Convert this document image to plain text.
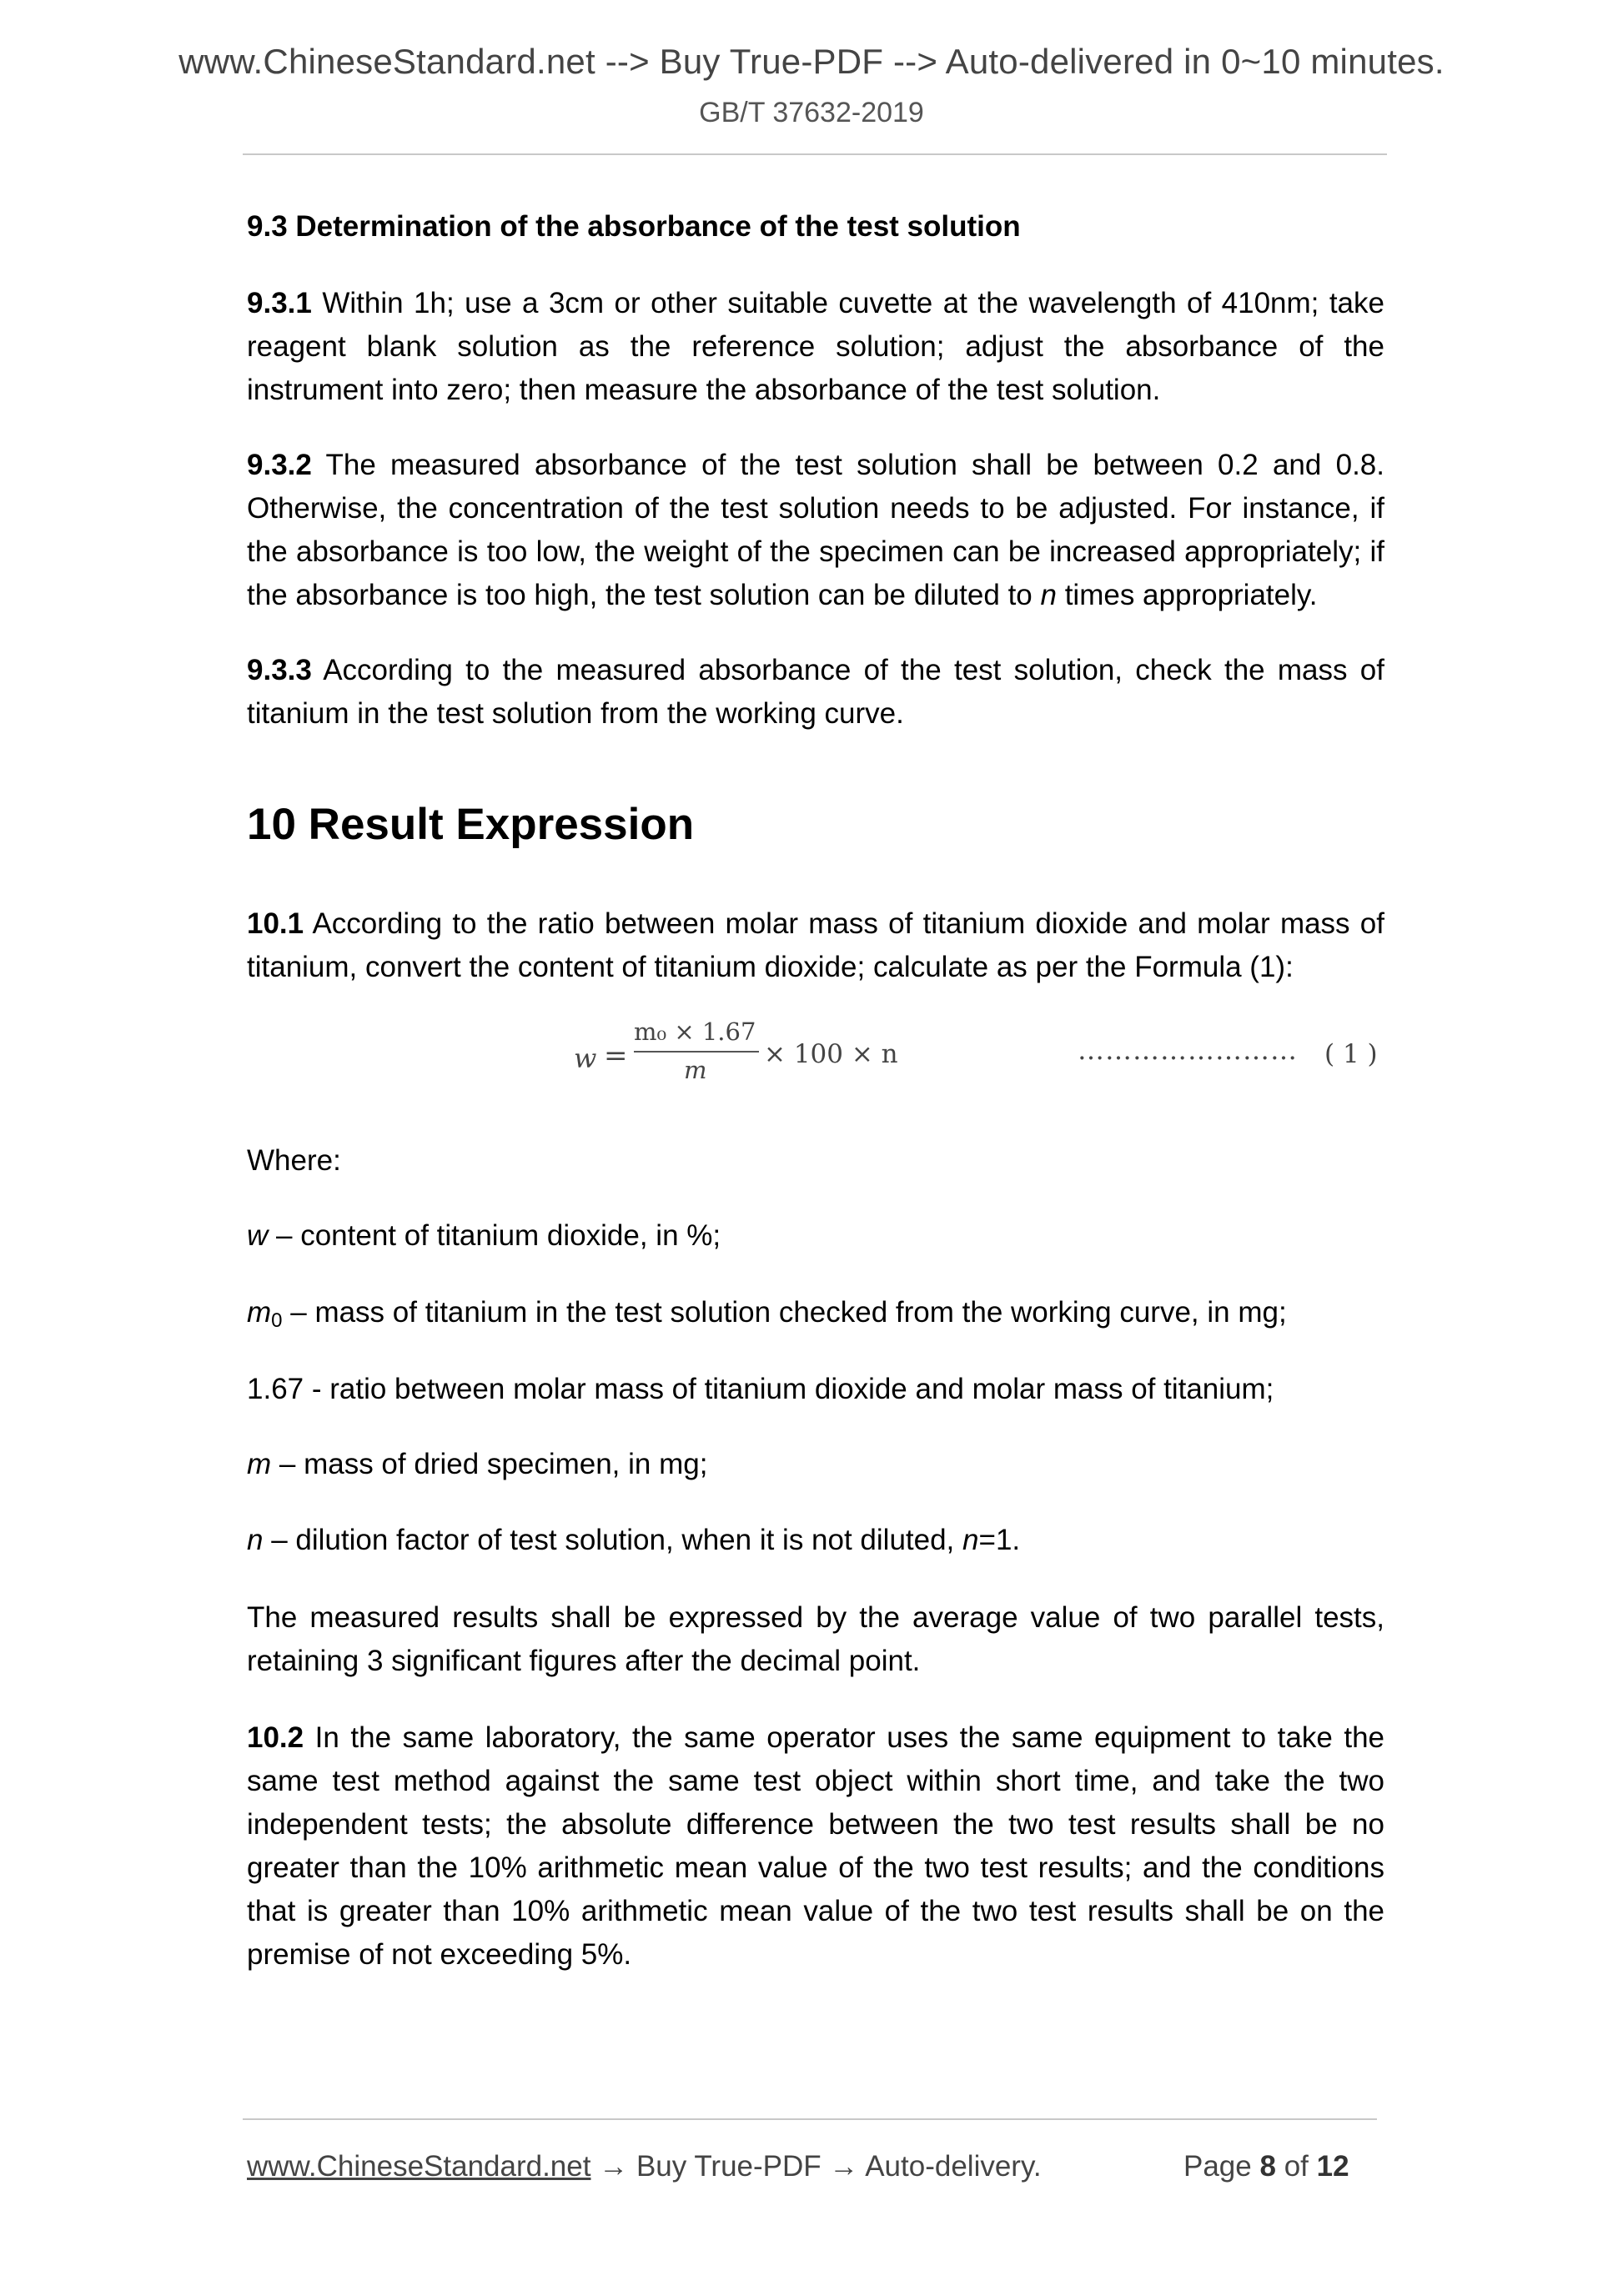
www.ChineseStandard.net --> Buy True-PDF --> Auto-delivered in 0~10 minutes.
GB/T 37632-2019
9.3 Determination of the absorbance of the test solution
9.3.1 Within 1h; use a 3cm or other suitable cuvette at the wavelength of 410nm; take reagent blank solution as the reference solution; adjust the absorbance of the instrument into zero; then measure the absorbance of the test solution.
9.3.2 The measured absorbance of the test solution shall be between 0.2 and 0.8. Otherwise, the concentration of the test solution needs to be adjusted. For instance, if the absorbance is too low, the weight of the specimen can be increased appropriately; if the absorbance is too high, the test solution can be diluted to n times appropriately.
9.3.3 According to the measured absorbance of the test solution, check the mass of titanium in the test solution from the working curve.
10 Result Expression
10.1 According to the ratio between molar mass of titanium dioxide and molar mass of titanium, convert the content of titanium dioxide; calculate as per the Formula (1):
w =
m₀ × 1.67
m
× 100 × n	…………………… ( 1 )
Where:
w – content of titanium dioxide, in %;
$m_0$ – mass of titanium in the test solution checked from the working curve, in mg;
1.67 - ratio between molar mass of titanium dioxide and molar mass of titanium;
m – mass of dried specimen, in mg;
n – dilution factor of test solution, when it is not diluted, n=1.
The measured results shall be expressed by the average value of two parallel tests, retaining 3 significant figures after the decimal point.
10.2 In the same laboratory, the same operator uses the same equipment to take the same test method against the same test object within short time, and take the two independent tests; the absolute difference between the two test results shall be no greater than the 10% arithmetic mean value of the two test results; and the conditions that is greater than 10% arithmetic mean value of the two test results shall be on the premise of not exceeding 5%.
www.ChineseStandard.net → Buy True-PDF → Auto-delivery.	Page 8 of 12
